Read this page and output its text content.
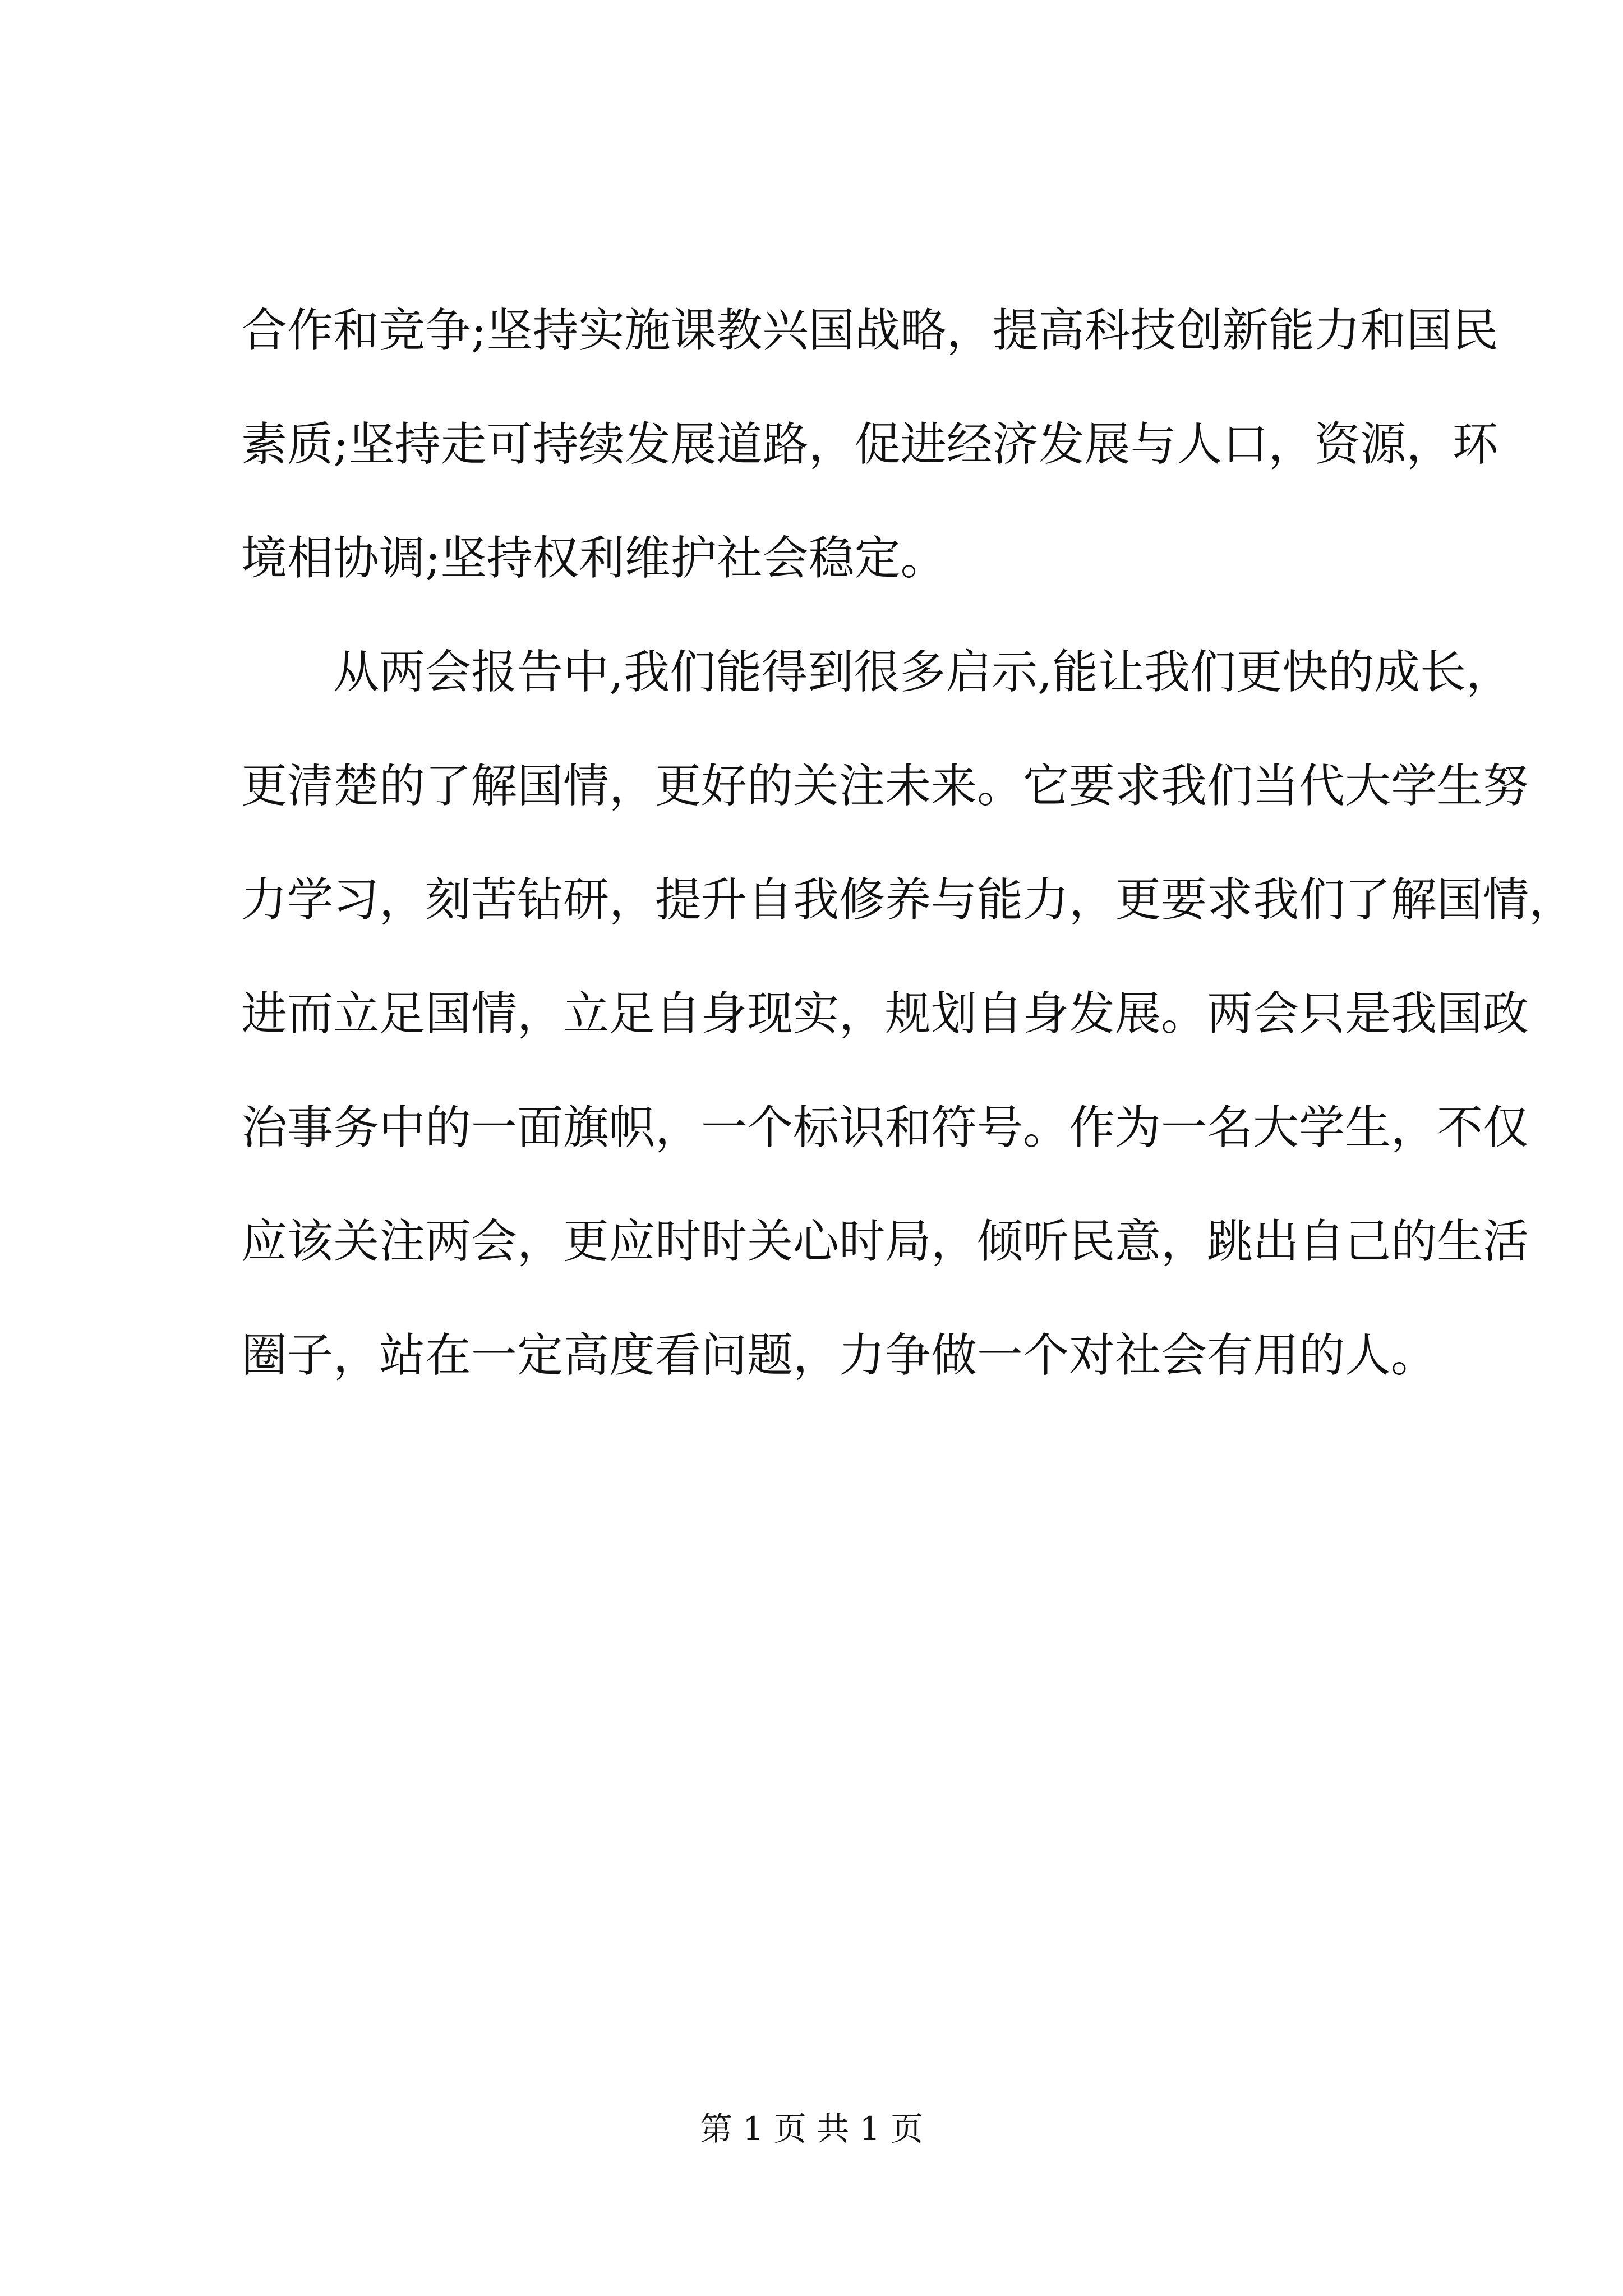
合作和竞争;坚持实施课教兴国战略，提高科技创新能力和国民
素质;坚持走可持续发展道路，促进经济发展与人口，资源，环
境相协调;坚持权利维护社会稳定。
从两会报告中,我们能得到很多启示,能让我们更快的成长，
更清楚的了解国情，更好的关注未来。它要求我们当代大学生努
力学习，刻苦钻研，提升自我修养与能力，更要求我们了解国情，
进而立足国情，立足自身现实，规划自身发展。两会只是我国政
治事务中的一面旗帜，一个标识和符号。作为一名大学生，不仅
应该关注两会，更应时时关心时局，倾听民意，跳出自己的生活
圈子，站在一定高度看问题，力争做一个对社会有用的人。
第 1 页 共 1 页
